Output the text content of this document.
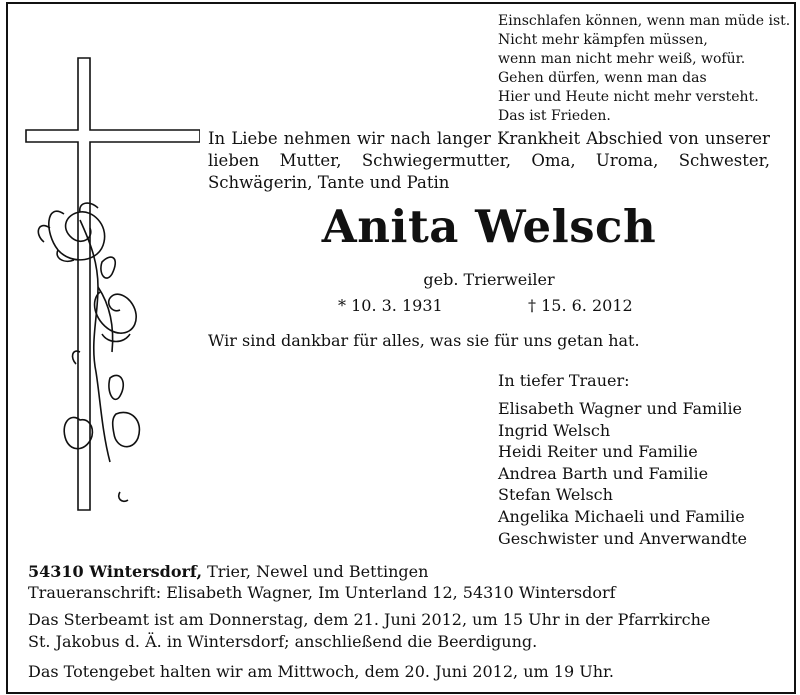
Einschlafen können, wenn man müde ist.
Nicht mehr kämpfen müssen,
wenn man nicht mehr weiß, wofür.
Gehen dürfen, wenn man das
Hier und Heute nicht mehr versteht.
Das ist Frieden.
In Liebe nehmen wir nach langer Krankheit Abschied von unserer
lieben Mutter, Schwiegermutter, Oma, Uroma, Schwester,
Schwägerin, Tante und Patin
Anita Welsch
geb. Trierweiler
* 10. 3. 1931	† 15. 6. 2012
Wir sind dankbar für alles, was sie für uns getan hat.
In tiefer Trauer:
Elisabeth Wagner und Familie
Ingrid Welsch
Heidi Reiter und Familie
Andrea Barth und Familie
Stefan Welsch
Angelika Michaeli und Familie
Geschwister und Anverwandte
54310 Wintersdorf, Trier, Newel und Bettingen
Traueranschrift: Elisabeth Wagner, Im Unterland 12, 54310 Wintersdorf
Das Sterbeamt ist am Donnerstag, dem 21. Juni 2012, um 15 Uhr in der Pfarrkirche
St. Jakobus d. Ä. in Wintersdorf; anschließend die Beerdigung.
Das Totengebet halten wir am Mittwoch, dem 20. Juni 2012, um 19 Uhr.
